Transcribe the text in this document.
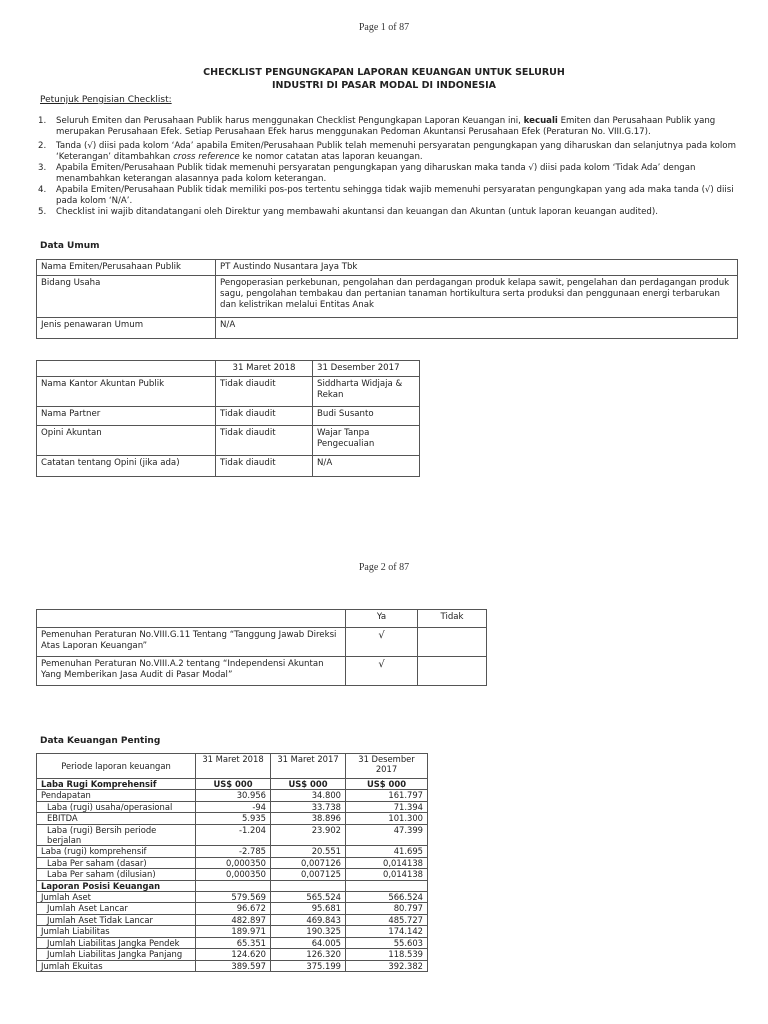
Page 1 of 87
CHECKLIST PENGUNGKAPAN LAPORAN KEUANGAN UNTUK SELURUH
INDUSTRI DI PASAR MODAL DI INDONESIA
Petunjuk Pengisian Checklist:
1. Seluruh Emiten dan Perusahaan Publik harus menggunakan Checklist Pengungkapan Laporan Keuangan ini, kecuali Emiten dan Perusahaan Publik yang merupakan Perusahaan Efek. Setiap Perusahaan Efek harus menggunakan Pedoman Akuntansi Perusahaan Efek (Peraturan No. VIII.G.17).
2. Tanda (√) diisi pada kolom ‘Ada’ apabila Emiten/Perusahaan Publik telah memenuhi persyaratan pengungkapan yang diharuskan dan selanjutnya pada kolom ‘Keterangan’ ditambahkan cross reference ke nomor catatan atas laporan keuangan.
3. Apabila Emiten/Perusahaan Publik tidak memenuhi persyaratan pengungkapan yang diharuskan maka tanda √) diisi pada kolom ‘Tidak Ada’ dengan menambahkan keterangan alasannya pada kolom keterangan.
4. Apabila Emiten/Perusahaan Publik tidak memiliki pos-pos tertentu sehingga tidak wajib memenuhi persyaratan pengungkapan yang ada maka tanda (√) diisi pada kolom ‘N/A’.
5. Checklist ini wajib ditandatangani oleh Direktur yang membawahi akuntansi dan keuangan dan Akuntan (untuk laporan keuangan audited).
Data Umum
Nama Emiten/Perusahaan Publik	PT Austindo Nusantara Jaya Tbk
Bidang Usaha	Pengoperasian perkebunan, pengolahan dan perdagangan produk kelapa sawit, pengelahan dan perdagangan produk sagu, pengolahan tembakau dan pertanian tanaman hortikultura serta produksi dan penggunaan energi terbarukan dan kelistrikan melalui Entitas Anak
Jenis penawaran Umum	N/A
	31 Maret 2018	31 Desember 2017
Nama Kantor Akuntan Publik	Tidak diaudit	Siddharta Widjaja & Rekan
Nama Partner	Tidak diaudit	Budi Susanto
Opini Akuntan	Tidak diaudit	Wajar Tanpa Pengecualian
Catatan tentang Opini (jika ada)	Tidak diaudit	N/A
Page 2 of 87
	Ya	Tidak	
Pemenuhan Peraturan No.VIII.G.11 Tentang “Tanggung Jawab Direksi Atas Laporan Keuangan”	√		
Pemenuhan Peraturan No.VIII.A.2 tentang “Independensi Akuntan Yang Memberikan Jasa Audit di Pasar Modal”	√		
Data Keuangan Penting
Periode laporan keuangan	31 Maret 2018	31 Maret 2017	31 Desember 2017
Laba Rugi Komprehensif	US$ 000	US$ 000	US$ 000
Pendapatan	30.956	34.800	161.797
Laba (rugi) usaha/operasional	-94	33.738	71.394
EBITDA	5.935	38.896	101.300
Laba (rugi) Bersih periode berjalan	-1.204	23.902	47.399
Laba (rugi) komprehensif	-2.785	20.551	41.695
Laba Per saham (dasar)	0,000350	0,007126	0,014138
Laba Per saham (dilusian)	0,000350	0,007125	0,014138
Laporan Posisi Keuangan			
Jumlah Aset	579.569	565.524	566.524
Jumlah Aset Lancar	96.672	95.681	80.797
Jumlah Aset Tidak Lancar	482.897	469.843	485.727
Jumlah Liabilitas	189.971	190.325	174.142
Jumlah Liabilitas Jangka Pendek	65.351	64.005	55.603
Jumlah Liabilitas Jangka Panjang	124.620	126.320	118.539
Jumlah Ekuitas	389.597	375.199	392.382
